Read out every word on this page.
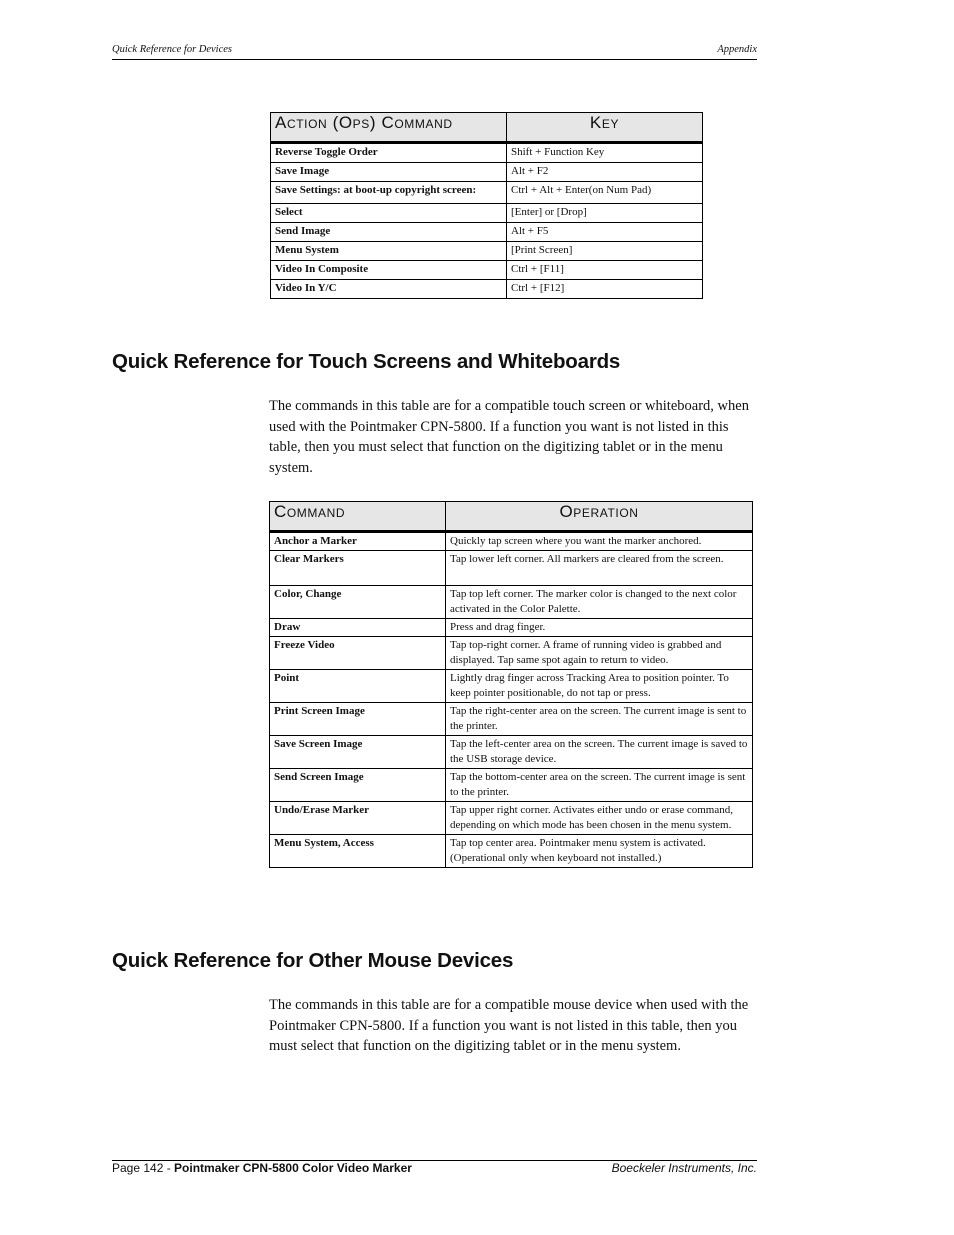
Quick Reference for Devices	Appendix
Action (Ops) Command	Key
Reverse Toggle Order	Shift + Function Key
Save Image	Alt + F2
Save Settings: at boot-up copyright screen:	Ctrl + Alt + Enter(on Num Pad)
Select	[Enter] or [Drop]
Send Image	Alt + F5
Menu System	[Print Screen]
Video In Composite	Ctrl + [F11]
Video In Y/C	Ctrl + [F12]
Quick Reference for Touch Screens and Whiteboards

The commands in this table are for a compatible touch screen or whiteboard, when used with the Pointmaker CPN-5800. If a function you want is not listed in this table, then you must select that function on the digitizing tablet or in the menu system.

Command	Operation
Anchor a Marker	Quickly tap screen where you want the marker anchored.
Clear Markers	Tap lower left corner. All markers are cleared from the screen.
Color, Change	Tap top left corner. The marker color is changed to the next color activated in the Color Palette.
Draw	Press and drag finger.
Freeze Video	Tap top-right corner. A frame of running video is grabbed and displayed. Tap same spot again to return to video.
Point	Lightly drag finger across Tracking Area to position pointer. To keep pointer positionable, do not tap or press.
Print Screen Image	Tap the right-center area on the screen. The current image is sent to the printer.
Save Screen Image	Tap the left-center area on the screen. The current image is saved to the USB storage device.
Send Screen Image	Tap the bottom-center area on the screen. The current image is sent to the printer.
Undo/Erase Marker	Tap upper right corner. Activates either undo or erase command, depending on which mode has been chosen in the menu system.
Menu System, Access	Tap top center area. Pointmaker menu system is activated. (Operational only when keyboard not installed.)
Quick Reference for Other Mouse Devices

The commands in this table are for a compatible mouse device when used with the Pointmaker CPN-5800. If a function you want is not listed in this table, then you must select that function on the digitizing tablet or in the menu system.

Page 142 - Pointmaker CPN-5800 Color Video Marker	Boeckeler Instruments, Inc.
